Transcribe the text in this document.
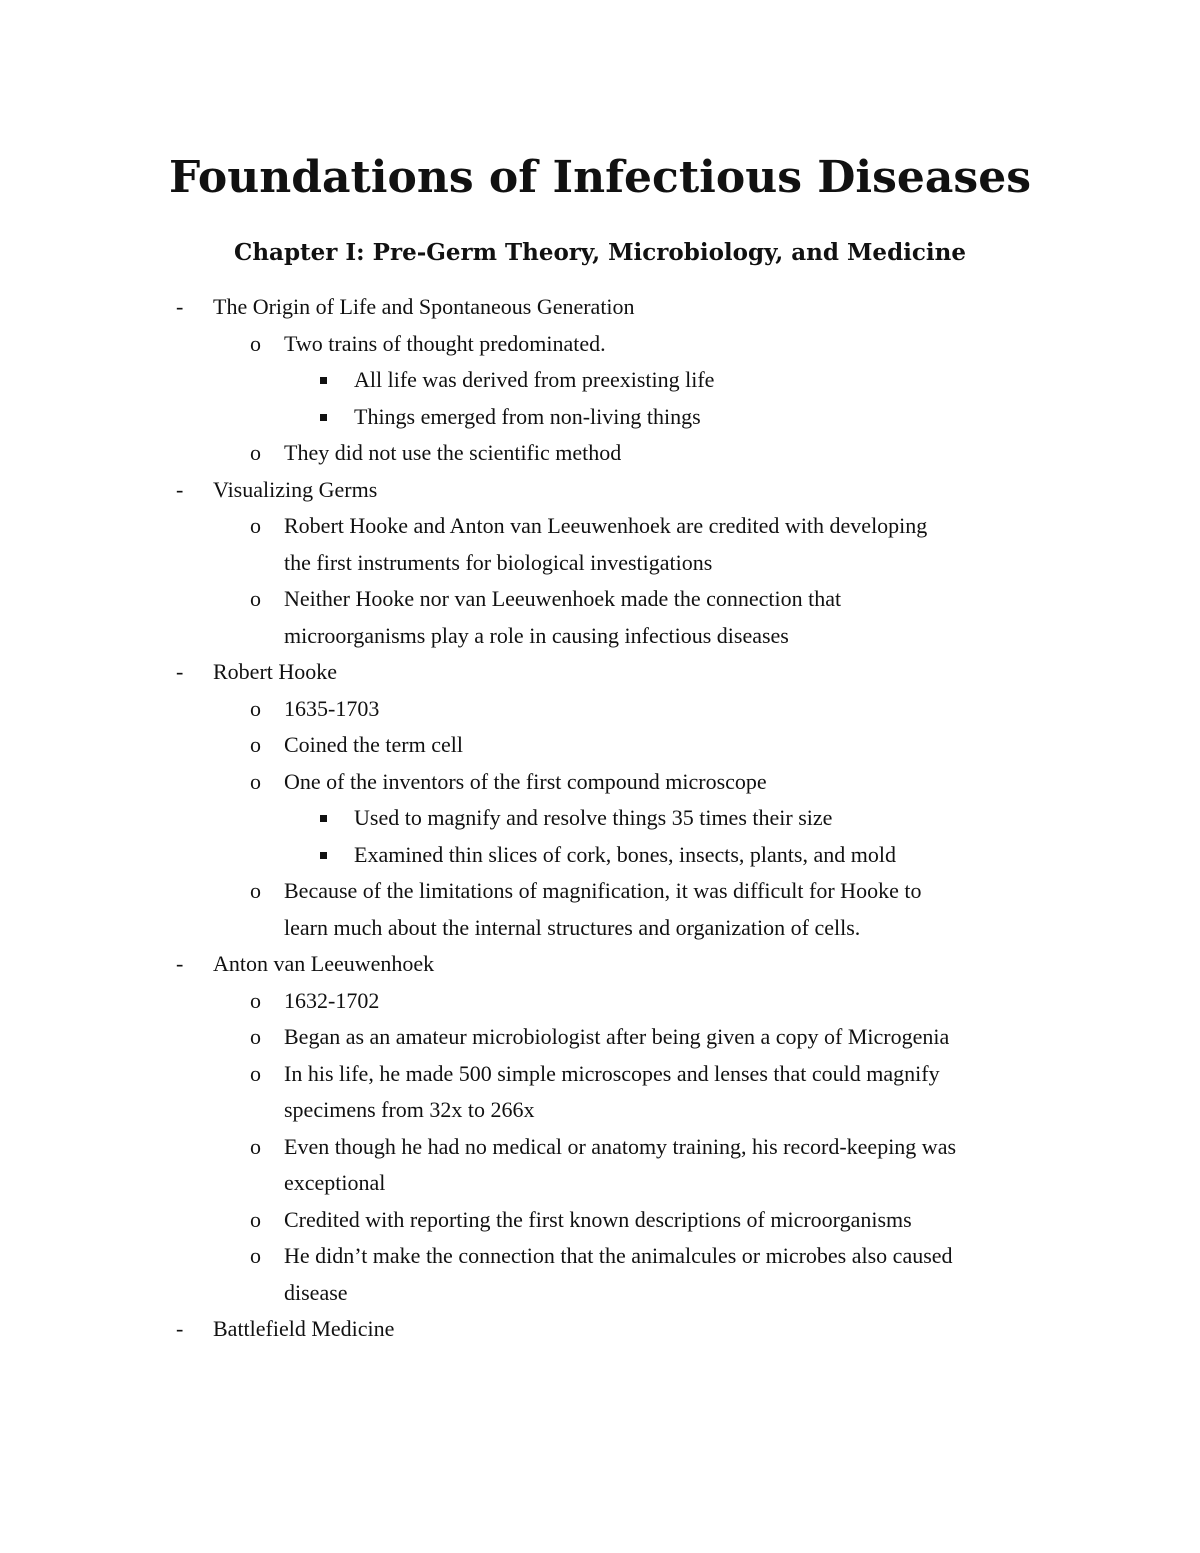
Foundations of Infectious Diseases
Chapter I: Pre-Germ Theory, Microbiology, and Medicine
- The Origin of Life and Spontaneous Generation
o Two trains of thought predominated.
All life was derived from preexisting life
Things emerged from non-living things
o They did not use the scientific method
- Visualizing Germs
o Robert Hooke and Anton van Leeuwenhoek are credited with developing
the first instruments for biological investigations
o Neither Hooke nor van Leeuwenhoek made the connection that
microorganisms play a role in causing infectious diseases
- Robert Hooke
o 1635-1703
o Coined the term cell
o One of the inventors of the first compound microscope
Used to magnify and resolve things 35 times their size
Examined thin slices of cork, bones, insects, plants, and mold
o Because of the limitations of magnification, it was difficult for Hooke to
learn much about the internal structures and organization of cells.
- Anton van Leeuwenhoek
o 1632-1702
o Began as an amateur microbiologist after being given a copy of Microgenia
o In his life, he made 500 simple microscopes and lenses that could magnify
specimens from 32x to 266x
o Even though he had no medical or anatomy training, his record-keeping was
exceptional
o Credited with reporting the first known descriptions of microorganisms
o He didn’t make the connection that the animalcules or microbes also caused
disease
- Battlefield Medicine
